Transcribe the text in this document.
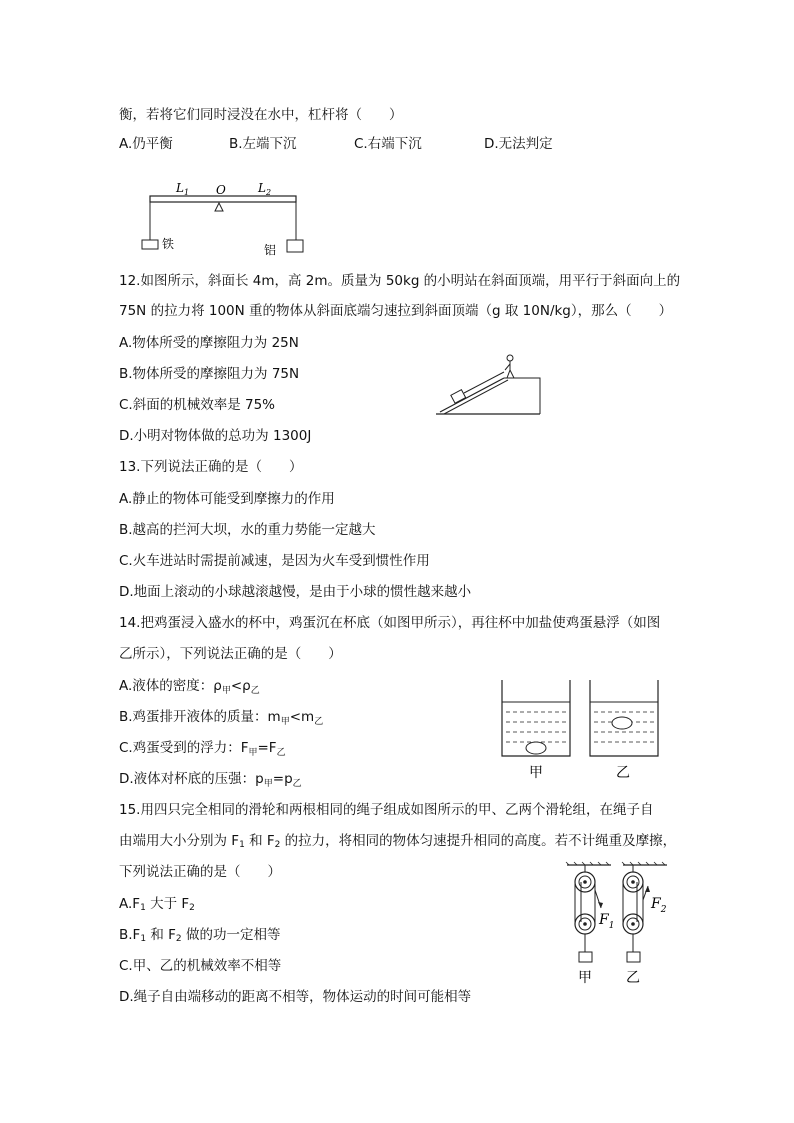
衡，若将它们同时浸没在水中，杠杆将（　　）
A.仍平衡	B.左端下沉	C.右端下沉	D.无法判定
$L_1$ O	$L_2$
铁	铝
12.如图所示，斜面长 4m，高 2m。质量为 50kg 的小明站在斜面顶端，用平行于斜面向上的
75N 的拉力将 100N 重的物体从斜面底端匀速拉到斜面顶端（g 取 10N/kg），那么（　　）
A.物体所受的摩擦阻力为 25N
B.物体所受的摩擦阻力为 75N
C.斜面的机械效率是 75%
D.小明对物体做的总功为 1300J
13.下列说法正确的是（　　）
A.静止的物体可能受到摩擦力的作用
B.越高的拦河大坝，水的重力势能一定越大
C.火车进站时需提前减速，是因为火车受到惯性作用
D.地面上滚动的小球越滚越慢，是由于小球的惯性越来越小
14.把鸡蛋浸入盛水的杯中，鸡蛋沉在杯底（如图甲所示），再往杯中加盐使鸡蛋悬浮（如图
乙所示），下列说法正确的是（　　）
A.液体的密度：$\rho_甲<\rho_乙$
B.鸡蛋排开液体的质量：$m_甲<m_乙$
C.鸡蛋受到的浮力：$F_甲=F_乙$
D.液体对杯底的压强：$p_甲=p_乙$
甲	乙
15.用四只完全相同的滑轮和两根相同的绳子组成如图所示的甲、乙两个滑轮组，在绳子自
由端用大小分别为 F1 和 F2 的拉力，将相同的物体匀速提升相同的高度。若不计绳重及摩擦，
下列说法正确的是（　　）
A.F1 大于 F2
B.F1 和 F2 做的功一定相等
C.甲、乙的机械效率不相等
D.绳子自由端移动的距离不相等，物体运动的时间可能相等
$F_1$
$F_2$
甲 乙
